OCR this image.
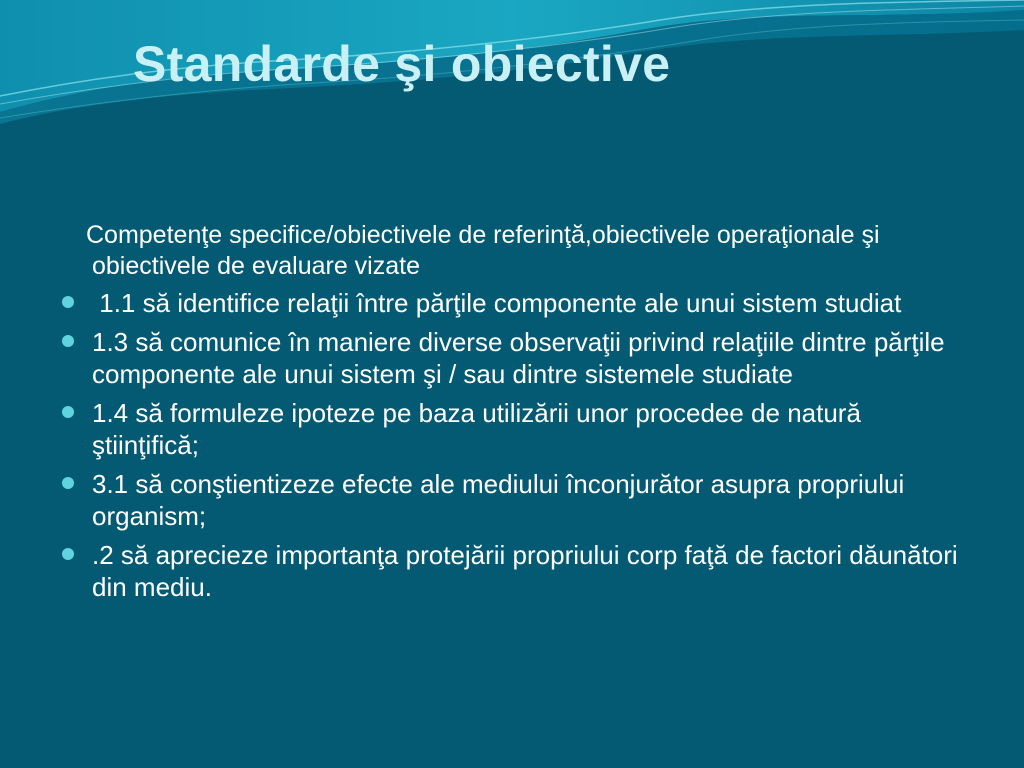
Standarde şi obiective

Competenţe specifice/obiectivele de referinţă,obiectivele operaţionale şi obiectivele de evaluare vizate

1.1 să identifice relaţii între părţile componente ale unui sistem studiat
1.3 să comunice în maniere diverse observaţii privind relaţiile dintre părţile componente ale unui sistem şi / sau dintre sistemele studiate
1.4 să formuleze ipoteze pe baza utilizării unor procedee de natură ştiinţifică;
3.1 să conştientizeze efecte ale mediului înconjurător asupra propriului organism;
.2 să aprecieze importanţa protejării propriului corp faţă de factori dăunători din mediu.
